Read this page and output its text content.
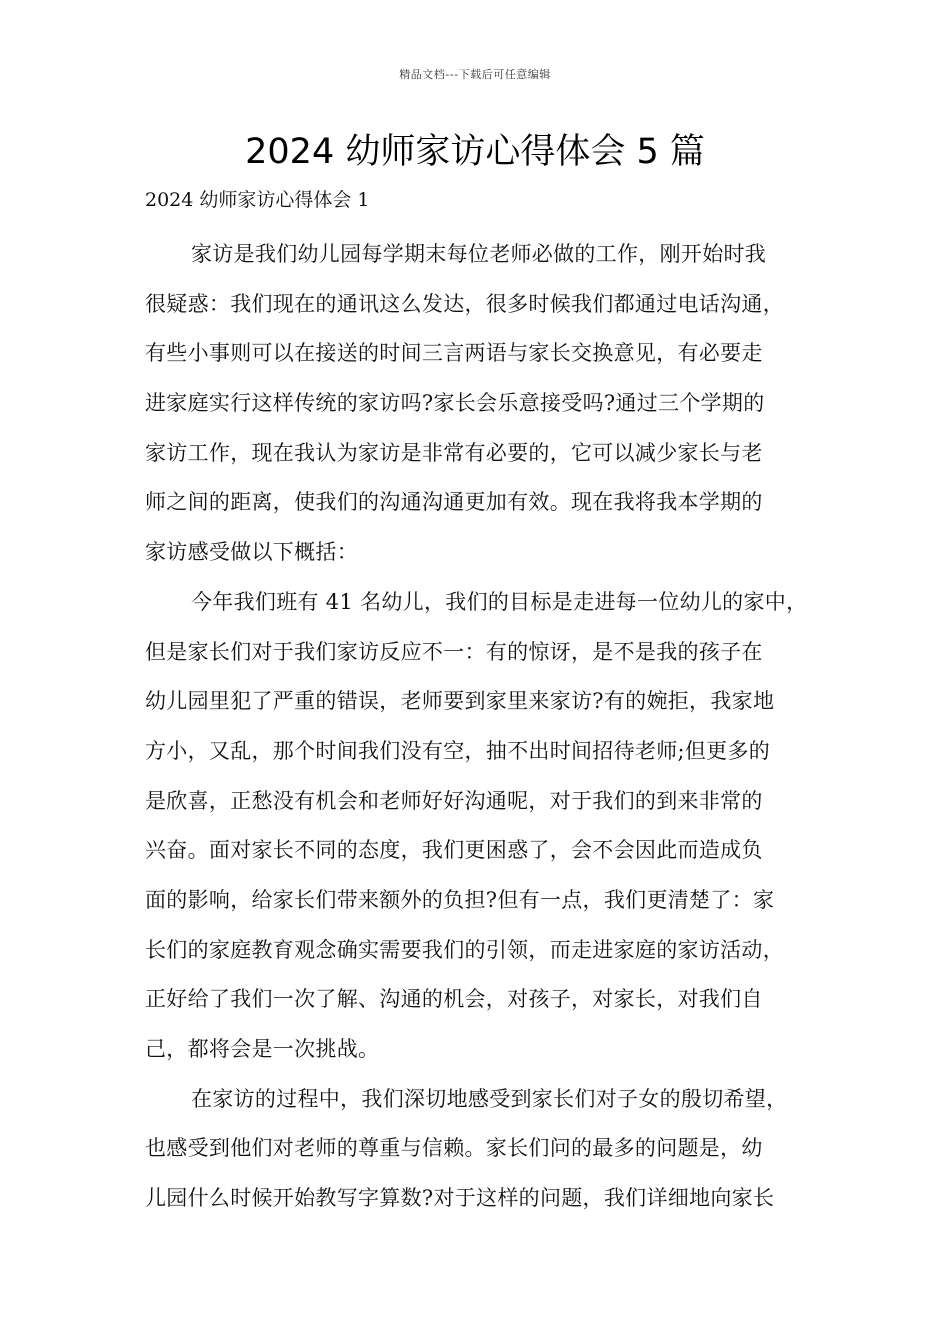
精品文档---下载后可任意编辑
2024 幼师家访心得体会 5 篇
2024 幼师家访心得体会 1
家访是我们幼儿园每学期末每位老师必做的工作，刚开始时我
很疑惑：我们现在的通讯这么发达，很多时候我们都通过电话沟通，
有些小事则可以在接送的时间三言两语与家长交换意见，有必要走
进家庭实行这样传统的家访吗?家长会乐意接受吗?通过三个学期的
家访工作，现在我认为家访是非常有必要的，它可以减少家长与老
师之间的距离，使我们的沟通沟通更加有效。现在我将我本学期的
家访感受做以下概括：
今年我们班有 41 名幼儿，我们的目标是走进每一位幼儿的家中，
但是家长们对于我们家访反应不一：有的惊讶，是不是我的孩子在
幼儿园里犯了严重的错误，老师要到家里来家访?有的婉拒，我家地
方小，又乱，那个时间我们没有空，抽不出时间招待老师;但更多的
是欣喜，正愁没有机会和老师好好沟通呢，对于我们的到来非常的
兴奋。面对家长不同的态度，我们更困惑了，会不会因此而造成负
面的影响，给家长们带来额外的负担?但有一点，我们更清楚了：家
长们的家庭教育观念确实需要我们的引领，而走进家庭的家访活动，
正好给了我们一次了解、沟通的机会，对孩子，对家长，对我们自
己，都将会是一次挑战。
在家访的过程中，我们深切地感受到家长们对子女的殷切希望，
也感受到他们对老师的尊重与信赖。家长们问的最多的问题是，幼
儿园什么时候开始教写字算数?对于这样的问题，我们详细地向家长
